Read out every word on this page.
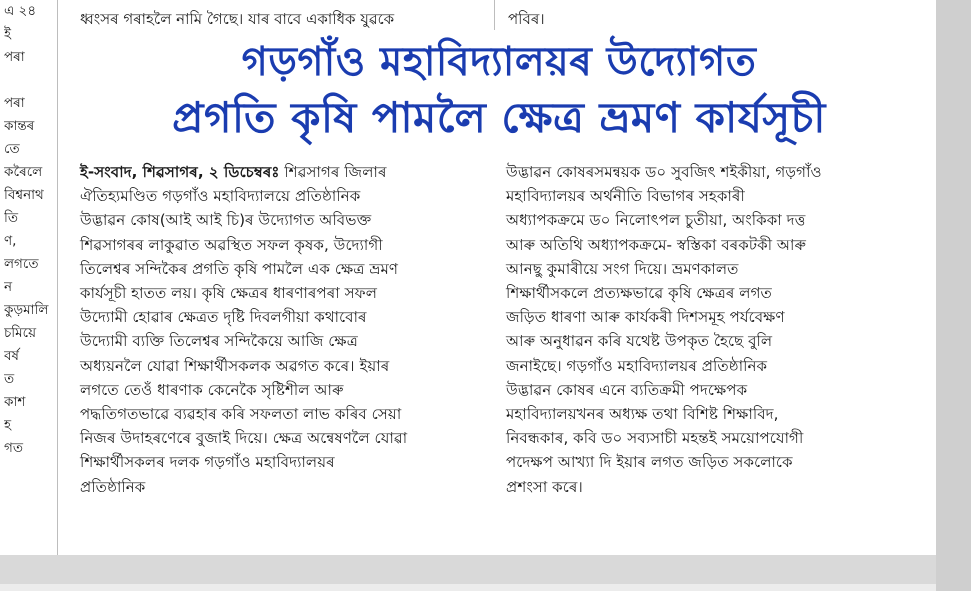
এ ২৪
ই
পৰা
পৰা
কান্তৰ
তে
কৰৈলে
বিশ্বনাথ
তি
ণ,
লগতে
ন
কুড়মালি
চমিয়ে
বৰ্ষ
ত
কাশ
হ
গত
ধ্বংসৰ গৰাহলৈ নামি গৈছে। যাৰ বাবে একাধিক যুৱকে	পবিৰ।
গড়গাঁও মহাবিদ্যালয়ৰ উদ্যোগত
প্ৰগতি কৃষি পামলৈ ক্ষেত্ৰ ভ্ৰমণ কাৰ্যসূচী
ই-সংবাদ, শিৱসাগৰ, ২ ডিচেম্বৰঃ শিৱসাগৰ জিলাৰ
ঐতিহ্যমণ্ডিত গড়গাঁও মহাবিদ্যালয়ে প্ৰতিষ্ঠানিক
উদ্ভাৱন কোষ(আই আই চি)ৰ উদ্যোগত অবিভক্ত
শিৱসাগৰৰ লাকুৱাত অৱস্থিত সফল কৃষক, উদ্যোগী
তিলেশ্বৰ সন্দিকৈৰ প্ৰগতি কৃষি পামলৈ এক ক্ষেত্ৰ ভ্ৰমণ
কাৰ্যসূচী হাতত লয়। কৃষি ক্ষেত্ৰৰ ধাৰণাৰপৰা সফল
উদ্যোমী হোৱাৰ ক্ষেত্ৰত দৃষ্টি দিবলগীয়া কথাবোৰ
উদ্যোমী ব্যক্তি তিলেশ্বৰ সন্দিকৈয়ে আজি ক্ষেত্ৰ
অধ্যয়নলৈ যোৱা শিক্ষাৰ্থীসকলক অৱগত কৰে। ইয়াৰ
লগতে তেওঁ ধাৰণাক কেনেকৈ সৃষ্টিশীল আৰু
পদ্ধতিগতভাৱে ব্যৱহাৰ কৰি সফলতা লাভ কৰিব সেয়া
নিজৰ উদাহৰণেৰে বুজাই দিয়ে। ক্ষেত্ৰ অন্বেষণলৈ যোৱা
শিক্ষাৰ্থীসকলৰ দলক গড়গাঁও মহাবিদ্যালয়ৰ
প্ৰতিষ্ঠানিক
উদ্ভাৱন কোষৰসমন্বয়ক ড০ সুবজিৎ শইকীয়া, গড়গাঁও
মহাবিদ্যালয়ৰ অৰ্থনীতি বিভাগৰ সহকাৰী
অধ্যাপকক্ৰমে ড০ নিলোৎপল চুতীয়া, অংকিকা দত্ত
আৰু অতিথি অধ্যাপকক্ৰমে- স্বস্তিকা বৰকটকী আৰু
আনছু কুমাৰীয়ে সংগ দিয়ে। ভ্ৰমণকালত
শিক্ষাৰ্থীসকলে প্ৰত্যক্ষভাৱে কৃষি ক্ষেত্ৰৰ লগত
জড়িত ধাৰণা আৰু কাৰ্যকৰী দিশসমূহ পৰ্যবেক্ষণ
আৰু অনুধাৱন কৰি যথেষ্ট উপকৃত হৈছে বুলি
জনাইছে। গড়গাঁও মহাবিদ্যালয়ৰ প্ৰতিষ্ঠানিক
উদ্ভাৱন কোষৰ এনে ব্যতিক্ৰমী পদক্ষেপক
মহাবিদ্যালয়খনৰ অধ্যক্ষ তথা বিশিষ্ট শিক্ষাবিদ,
নিবন্ধকাৰ, কবি ড০ সব্যসাচী মহন্তই সময়োপযোগী
পদেক্ষপ আখ্যা দি ইয়াৰ লগত জড়িত সকলোকে
প্ৰশংসা কৰে।
